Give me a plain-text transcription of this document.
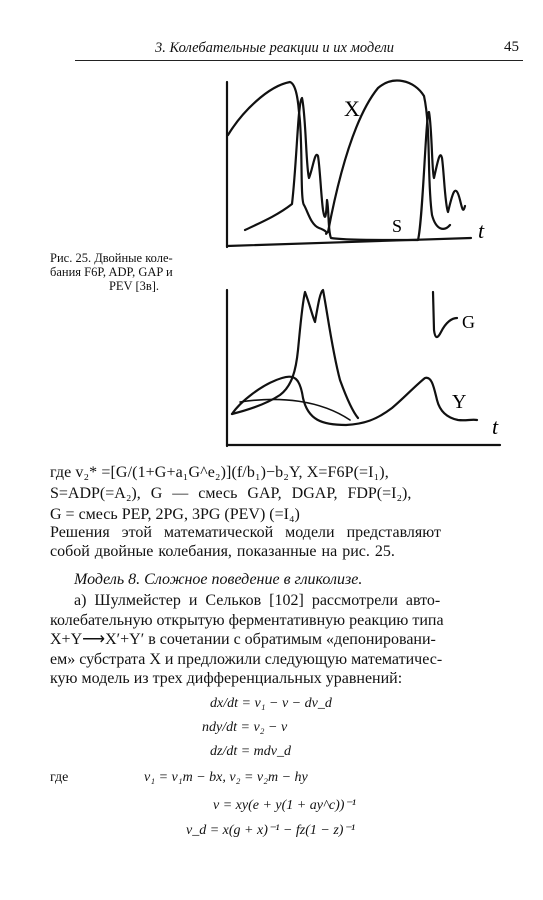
3. Колебательные реакции и их модели	45
Рис. 25. Двойные коле-
бания F6P, ADP, GAP и

PEV [3в].
X
S	t
G
Y
t
где v₂* =[G/(1+G+a₁G^e₂)](f/b₁)−b₂Y, X=F6P(=I₁),
S=ADP(=A₂), G — смесь GAP, DGAP, FDP(=I₂),
G = смесь PEP, 2PG, 3PG (PEV) (=I₄)
Решения этой математической модели представляют
собой двойные колебания, показанные на рис. 25.
Модель 8. Сложное поведение в гликолизе.
а) Шулмейстер и Сельков [102] рассмотрели авто-
колебательную открытую ферментативную реакцию типа
X+Y⟶X′+Y′ в сочетании с обратимым «депонировани-
ем» субстрата X и предложили следующую математичес-
кую модель из трех дифференциальных уравнений:
dx/dt = v₁ − v − dv_d
ndy/dt = v₂ − v
dz/dt = mdv_d
где	v₁ = v₁m − bx, v₂ = v₂m − hy
v = xy(e + y(1 + ay^c))⁻¹
v_d = x(g + x)⁻¹ − fz(1 − z)⁻¹
